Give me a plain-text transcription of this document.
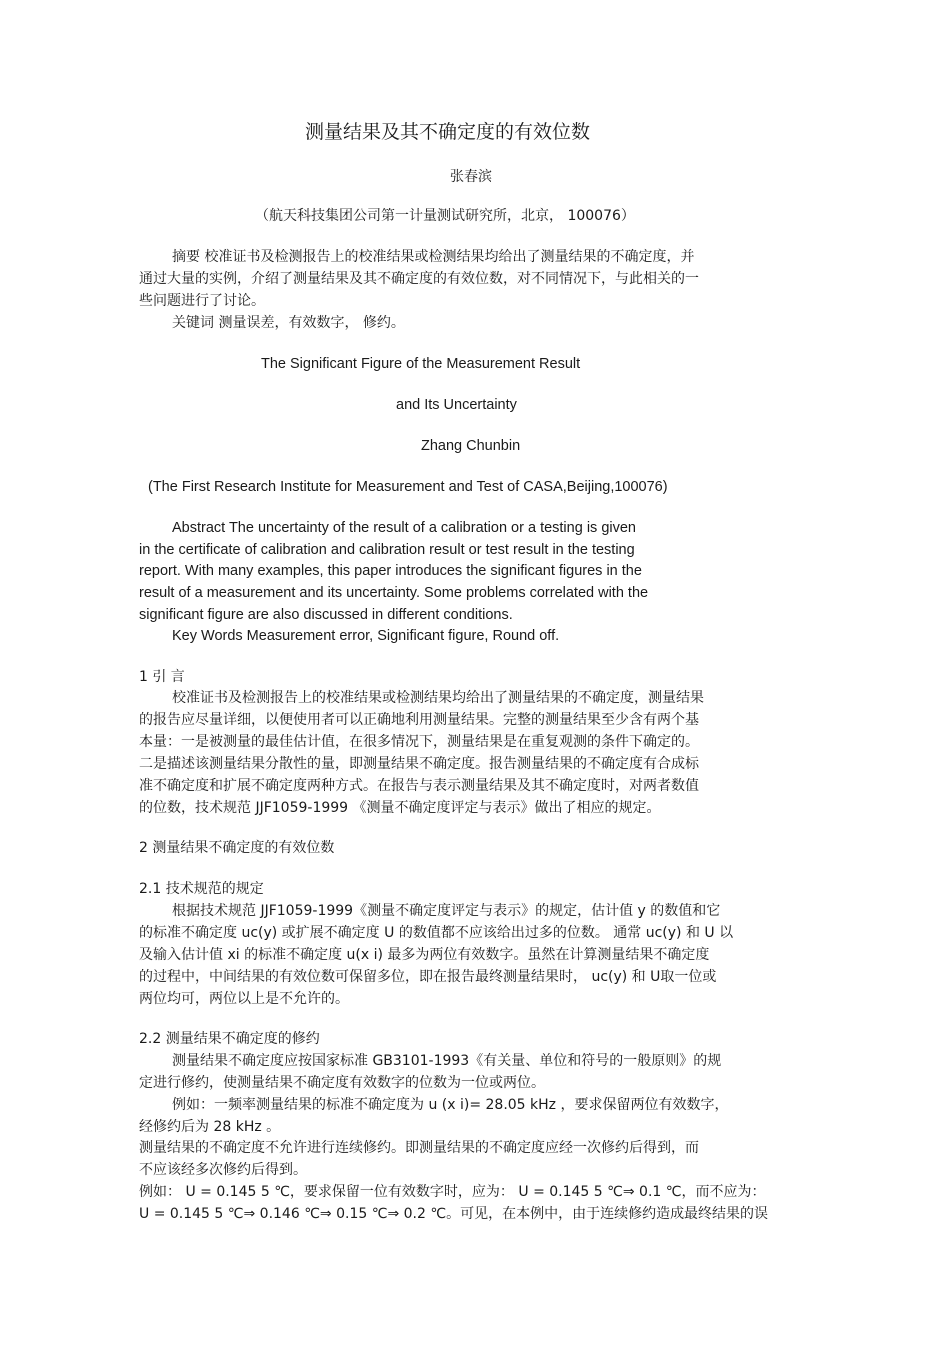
测量结果及其不确定度的有效位数
张春滨
（航天科技集团公司第一计量测试研究所，北京， 100076）
摘要 校准证书及检测报告上的校准结果或检测结果均给出了测量结果的不确定度，并
通过大量的实例，介绍了测量结果及其不确定度的有效位数，对不同情况下，与此相关的一
些问题进行了讨论。
关键词 测量误差，有效数字， 修约。
The Significant Figure of the Measurement Result
and Its Uncertainty
Zhang Chunbin
(The First Research Institute for Measurement and Test of CASA,Beijing,100076)
Abstract The uncertainty of the result of a calibration or a testing is given
in the certificate of calibration and calibration result or test result in the testing
report. With many examples, this paper introduces the significant figures in the
result of a measurement and its uncertainty. Some problems correlated with the
significant figure are also discussed in different conditions.
Key Words Measurement error, Significant figure, Round off.
1 引 言
校准证书及检测报告上的校准结果或检测结果均给出了测量结果的不确定度，测量结果
的报告应尽量详细，以便使用者可以正确地利用测量结果。完整的测量结果至少含有两个基
本量：一是被测量的最佳估计值，在很多情况下，测量结果是在重复观测的条件下确定的。
二是描述该测量结果分散性的量，即测量结果不确定度。报告测量结果的不确定度有合成标
准不确定度和扩展不确定度两种方式。在报告与表示测量结果及其不确定度时，对两者数值
的位数，技术规范 JJF1059-1999 《测量不确定度评定与表示》做出了相应的规定。
2 测量结果不确定度的有效位数
2.1 技术规范的规定
根据技术规范 JJF1059-1999《测量不确定度评定与表示》的规定，估计值 y 的数值和它
的标准不确定度 uc(y) 或扩展不确定度 U 的数值都不应该给出过多的位数。 通常 uc(y) 和 U 以
及输入估计值 xi 的标准不确定度 u(x i) 最多为两位有效数字。虽然在计算测量结果不确定度
的过程中，中间结果的有效位数可保留多位，即在报告最终测量结果时， uc(y) 和 U取一位或
两位均可，两位以上是不允许的。
2.2 测量结果不确定度的修约
测量结果不确定度应按国家标准 GB3101-1993《有关量、单位和符号的一般原则》的规
定进行修约，使测量结果不确定度有效数字的位数为一位或两位。
例如：一频率测量结果的标准不确定度为 u (x i)= 28.05 kHz ，要求保留两位有效数字，
经修约后为 28 kHz 。
测量结果的不确定度不允许进行连续修约。即测量结果的不确定度应经一次修约后得到，而
不应该经多次修约后得到。
例如： U = 0.145 5 ℃，要求保留一位有效数字时，应为： U = 0.145 5 ℃⇒ 0.1 ℃，而不应为：
U = 0.145 5 ℃⇒ 0.146 ℃⇒ 0.15 ℃⇒ 0.2 ℃。可见，在本例中，由于连续修约造成最终结果的误
